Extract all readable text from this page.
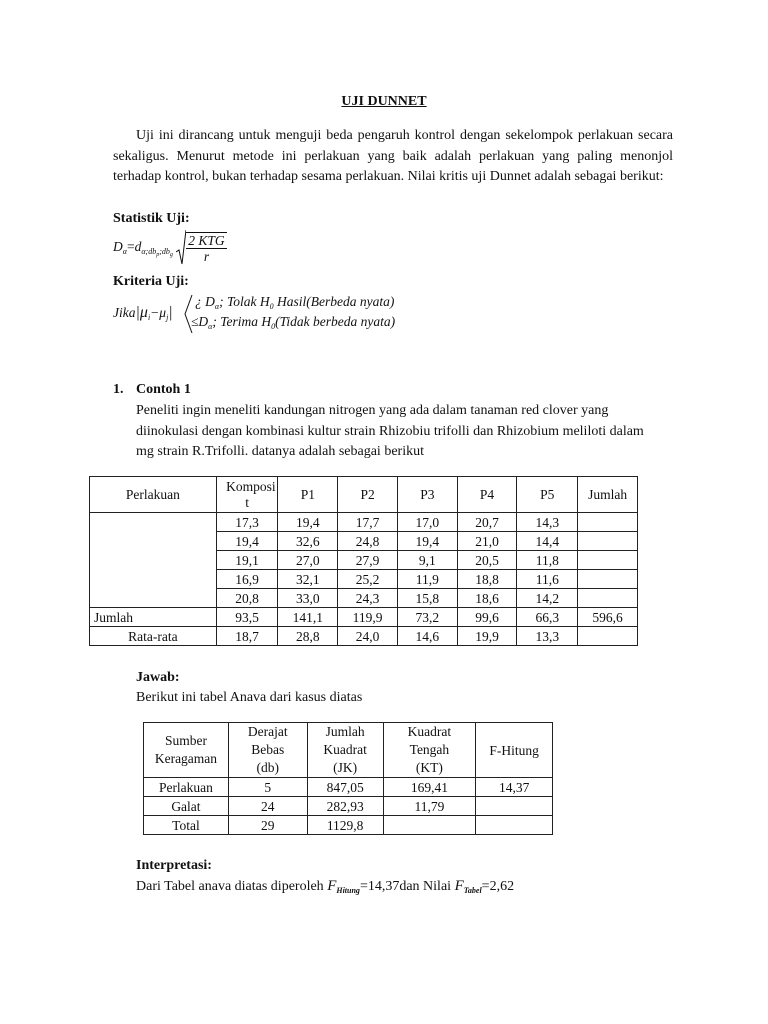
UJI DUNNET
Uji ini dirancang untuk menguji beda pengaruh kontrol dengan sekelompok perlakuan secara sekaligus. Menurut metode ini perlakuan yang baik adalah perlakuan yang paling menonjol terhadap kontrol, bukan terhadap sesama perlakuan. Nilai kritis uji Dunnet adalah sebagai berikut:
Statistik Uji:
$D_\alpha=d_{\alpha;dbp;dbg} \frac{\text{2 KTG}}{r}$
Kriteria Uji:
$Jika|\mu_i-\mu_j|$
¿ $D_\alpha$; Tolak $H_0$ Hasil(Berbeda nyata)
$\le D_\alpha$; Terima $H_0(Tidak$ berbeda nyata)
1. Contoh 1
Peneliti ingin meneliti kandungan nitrogen yang ada dalam tanaman red clover yang diinokulasi dengan kombinasi kultur strain Rhizobiu trifolli dan Rhizobium meliloti dalam mg strain R.Trifolli. datanya adalah sebagai berikut
Perlakuan	Komposi t	P1	P2	P3	P4	P5	Jumlah
	17,3	19,4	17,7	17,0	20,7	14,3	
	19,4	32,6	24,8	19,4	21,0	14,4	
	19,1	27,0	27,9	9,1	20,5	11,8	
	16,9	32,1	25,2	11,9	18,8	11,6	
	20,8	33,0	24,3	15,8	18,6	14,2	
Jumlah	93,5	141,1	119,9	73,2	99,6	66,3	596,6
Rata-rata	18,7	28,8	24,0	14,6	19,9	13,3	
Jawab:
Berikut ini tabel Anava dari kasus diatas
Sumber Keragaman	Derajat Bebas (db)	Jumlah Kuadrat (JK)	Kuadrat Tengah (KT)	F-Hitung
Perlakuan	5	847,05	169,41	14,37
Galat	24	282,93	11,79	
Total	29	1129,8		
Interpretasi:
Dari Tabel anava diatas diperoleh $F_{Hitung}=14,37dan$ Nilai $F_{Tabel}=2,62$
